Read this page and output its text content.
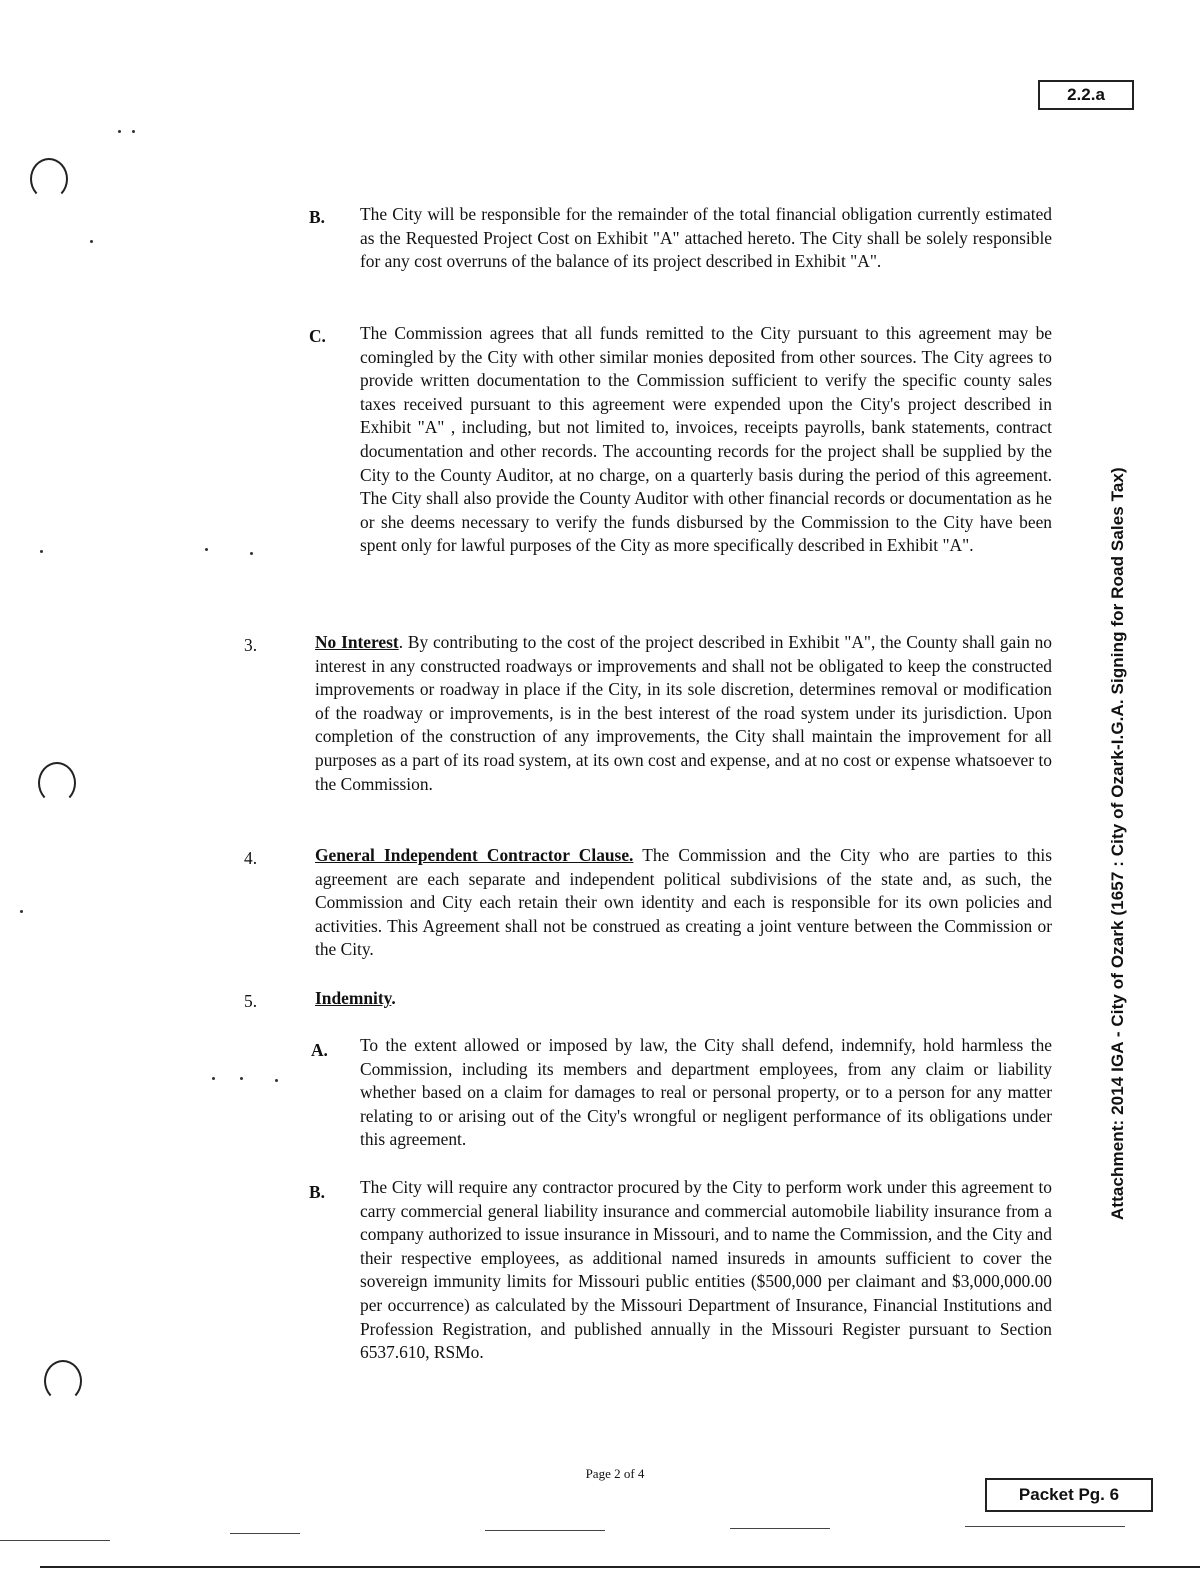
2.2.a
Attachment: 2014 IGA - City of Ozark (1657 : City of Ozark-I.G.A. Signing for Road Sales Tax)
B. The City will be responsible for the remainder of the total financial obligation currently estimated as the Requested Project Cost on Exhibit "A" attached hereto. The City shall be solely responsible for any cost overruns of the balance of its project described in Exhibit "A".

C. The Commission agrees that all funds remitted to the City pursuant to this agreement may be comingled by the City with other similar monies deposited from other sources. The City agrees to provide written documentation to the Commission sufficient to verify the specific county sales taxes received pursuant to this agreement were expended upon the City's project described in Exhibit "A" , including, but not limited to, invoices, receipts payrolls, bank statements, contract documentation and other records. The accounting records for the project shall be supplied by the City to the County Auditor, at no charge, on a quarterly basis during the period of this agreement. The City shall also provide the County Auditor with other financial records or documentation as he or she deems necessary to verify the funds disbursed by the Commission to the City have been spent only for lawful purposes of the City as more specifically described in Exhibit "A".

3.	No Interest. By contributing to the cost of the project described in Exhibit "A", the County shall gain no interest in any constructed roadways or improvements and shall not be obligated to keep the constructed improvements or roadway in place if the City, in its sole discretion, determines removal or modification of the roadway or improvements, is in the best interest of the road system under its jurisdiction. Upon completion of the construction of any improvements, the City shall maintain the improvement for all purposes as a part of its road system, at its own cost and expense, and at no cost or expense whatsoever to the Commission.

4.	General Independent Contractor Clause. The Commission and the City who are parties to this agreement are each separate and independent political subdivisions of the state and, as such, the Commission and City each retain their own identity and each is responsible for its own policies and activities. This Agreement shall not be construed as creating a joint venture between the Commission or the City.

5.	Indemnity.

A. To the extent allowed or imposed by law, the City shall defend, indemnify, hold harmless the Commission, including its members and department employees, from any claim or liability whether based on a claim for damages to real or personal property, or to a person for any matter relating to or arising out of the City's wrongful or negligent performance of its obligations under this agreement.

B. The City will require any contractor procured by the City to perform work under this agreement to carry commercial general liability insurance and commercial automobile liability insurance from a company authorized to issue insurance in Missouri, and to name the Commission, and the City and their respective employees, as additional named insureds in amounts sufficient to cover the sovereign immunity limits for Missouri public entities ($500,000 per claimant and $3,000,000.00 per occurrence) as calculated by the Missouri Department of Insurance, Financial Institutions and Profession Registration, and published annually in the Missouri Register pursuant to Section 6537.610, RSMo.

Page 2 of 4
Packet Pg. 6
